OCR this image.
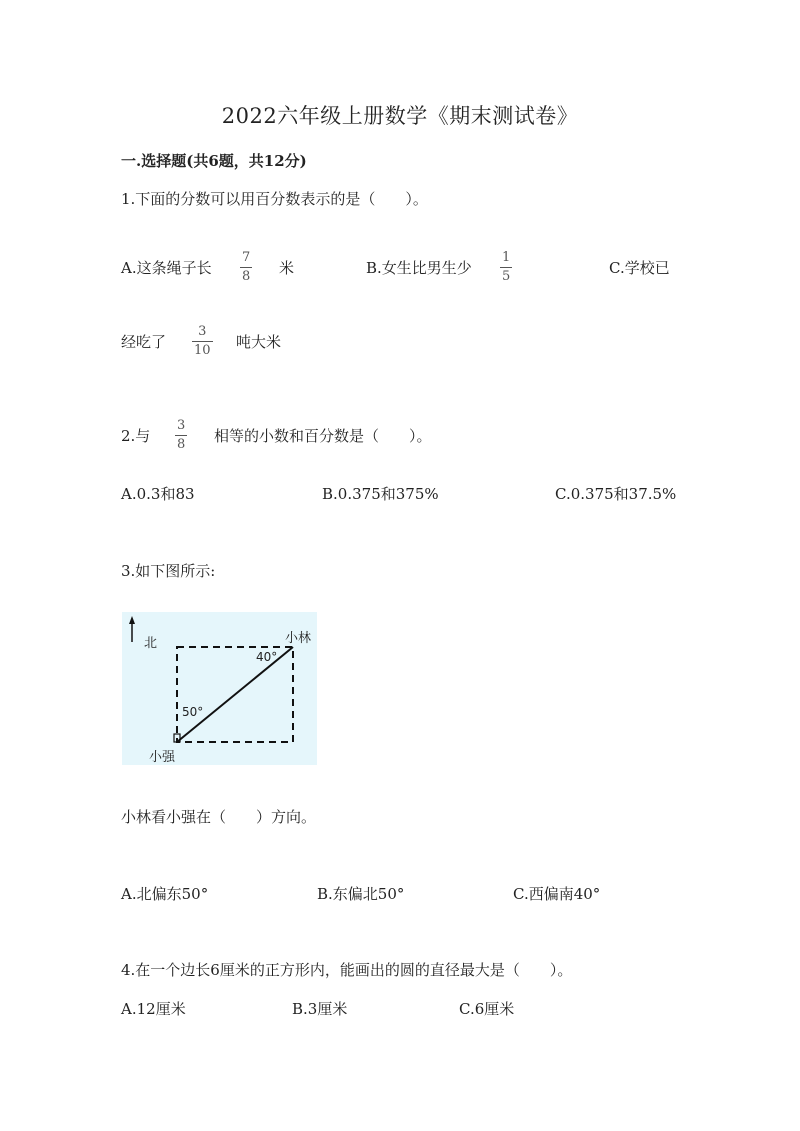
2022六年级上册数学《期末测试卷》
一.选择题(共6题，共12分)
1.下面的分数可以用百分数表示的是（　　）。
A.这条绳子长
7
8 米	B.女生比男生少
1
5	C.学校已
经吃了
3
10 吨大米
2.与
3
8 相等的小数和百分数是（　　）。
A.0.3和83	B.0.375和375%	C.0.375和37.5%
3.如下图所示:
北	小林
40°
50°
小强
小林看小强在（　　）方向。
A.北偏东50°	B.东偏北50°	C.西偏南40°
4.在一个边长6厘米的正方形内，能画出的圆的直径最大是（　　）。
A.12厘米	B.3厘米	C.6厘米
